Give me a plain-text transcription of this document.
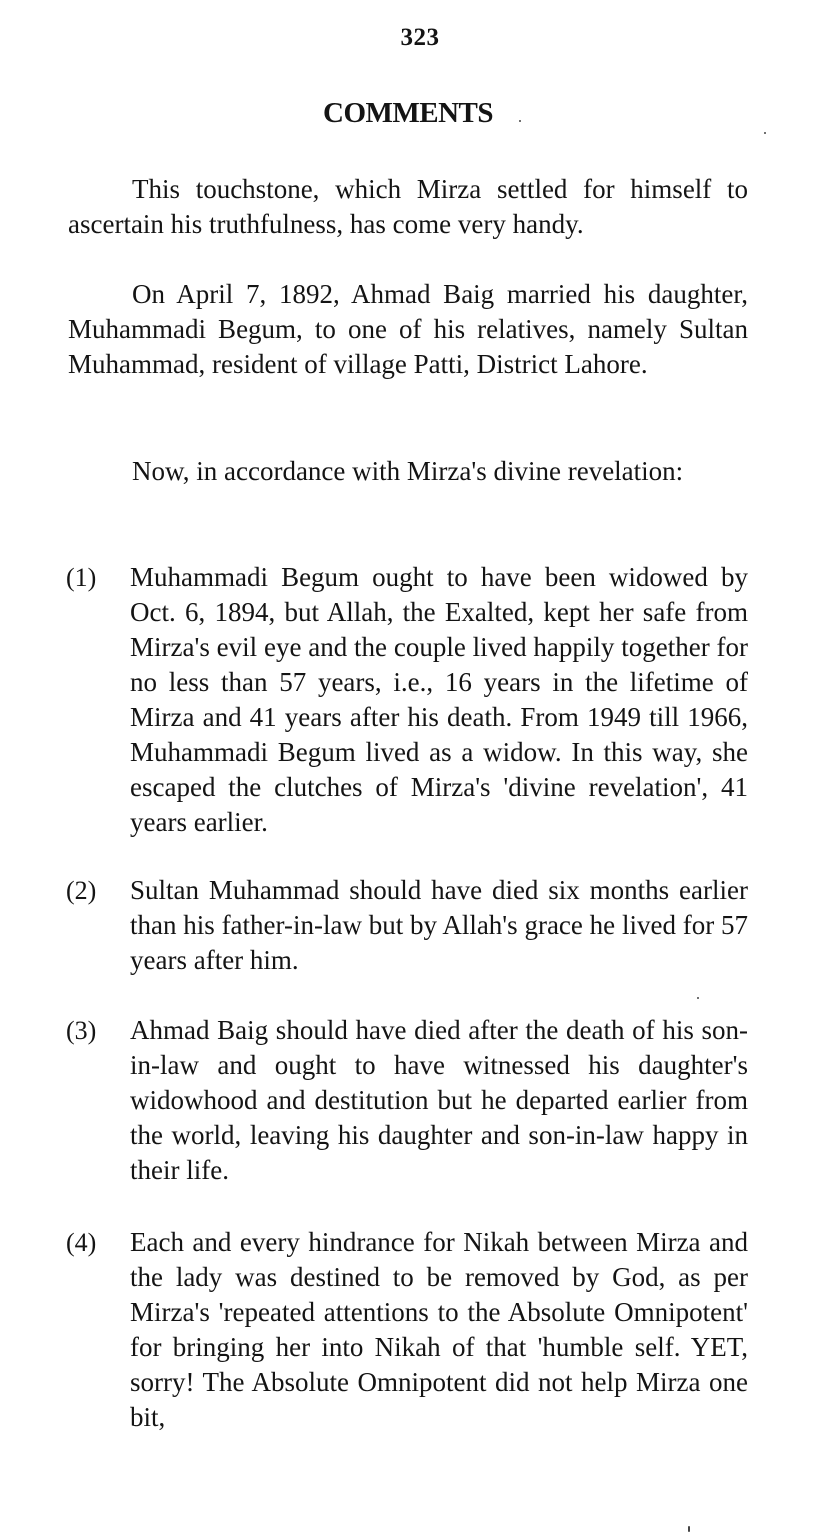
323
COMMENTS

This touchstone, which Mirza settled for himself to ascertain his truthfulness, has come very handy.

On April 7, 1892, Ahmad Baig married his daughter, Muhammadi Begum, to one of his relatives, namely Sultan Muhammad, resident of village Patti, District Lahore.

Now, in accordance with Mirza's divine revelation:

(1) Muhammadi Begum ought to have been widowed by Oct. 6, 1894, but Allah, the Exalted, kept her safe from Mirza's evil eye and the couple lived happily together for no less than 57 years, i.e., 16 years in the lifetime of Mirza and 41 years after his death. From 1949 till 1966, Muhammadi Begum lived as a widow. In this way, she escaped the clutches of Mirza's 'divine revelation', 41 years earlier.

(2) Sultan Muhammad should have died six months earlier than his father-in-law but by Allah's grace he lived for 57 years after him.

(3) Ahmad Baig should have died after the death of his son-in-law and ought to have witnessed his daughter's widowhood and destitution but he departed earlier from the world, leaving his daughter and son-in-law happy in their life.

(4) Each and every hindrance for Nikah between Mirza and the lady was destined to be removed by God, as per Mirza's 'repeated attentions to the Absolute Omnipotent' for bringing her into Nikah of that 'humble self. YET, sorry! The Absolute Omnipotent did not help Mirza one bit,
